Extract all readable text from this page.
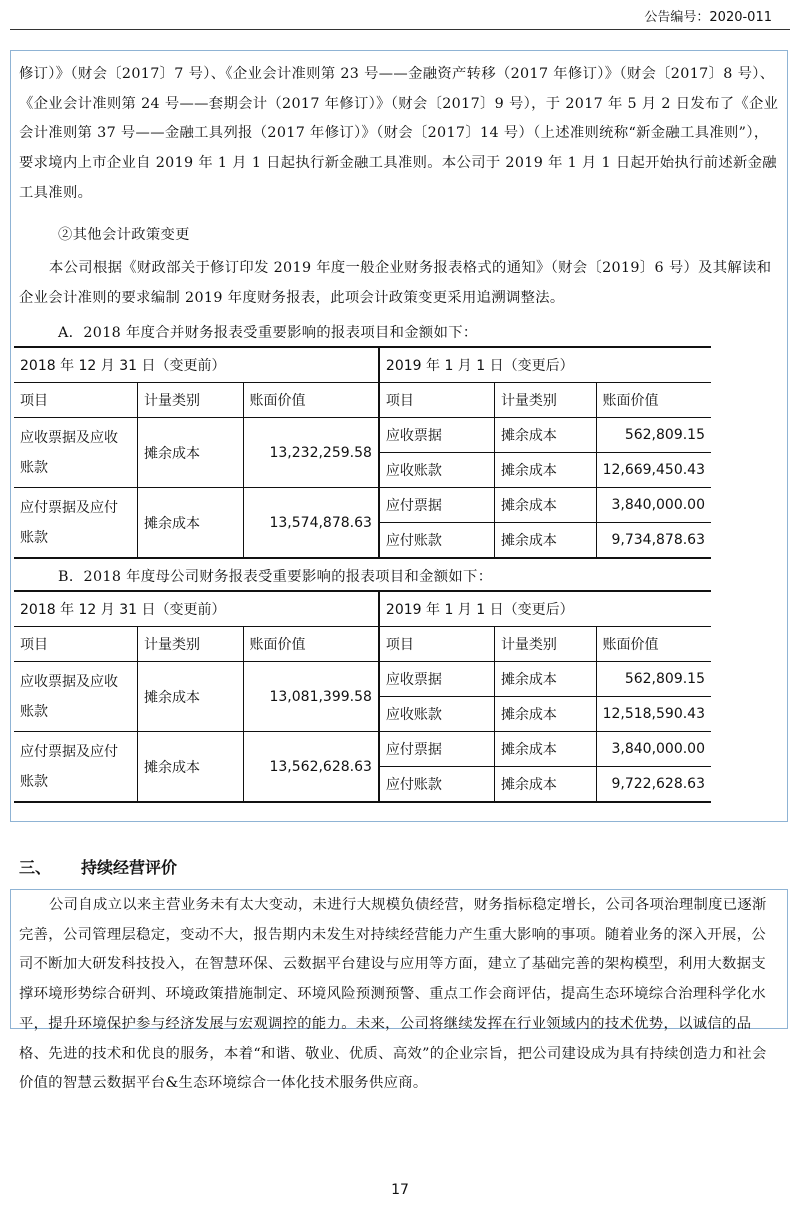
公告编号：2020-011
修订）》（财会〔2017〕7 号）、《企业会计准则第 23 号——金融资产转移（2017 年修订）》（财会〔2017〕8 号）、《企业会计准则第 24 号——套期会计（2017 年修订）》（财会〔2017〕9 号），于 2017 年 5 月 2 日发布了《企业会计准则第 37 号——金融工具列报（2017 年修订）》（财会〔2017〕14 号）（上述准则统称“新金融工具准则”），要求境内上市企业自 2019 年 1 月 1 日起执行新金融工具准则。本公司于 2019 年 1 月 1 日起开始执行前述新金融工具准则。
②其他会计政策变更
本公司根据《财政部关于修订印发 2019 年度一般企业财务报表格式的通知》（财会〔2019〕6 号）及其解读和企业会计准则的要求编制 2019 年度财务报表，此项会计政策变更采用追溯调整法。
A．2018 年度合并财务报表受重要影响的报表项目和金额如下：
2018 年 12 月 31 日（变更前）			2019 年 1 月 1 日（变更后）		
项目	计量类别	账面价值	项目	计量类别	账面价值
应收票据及应收账款	摊余成本	13,232,259.58	应收票据	摊余成本	562,809.15
			应收账款	摊余成本	12,669,450.43
应付票据及应付账款	摊余成本	13,574,878.63	应付票据	摊余成本	3,840,000.00
			应付账款	摊余成本	9,734,878.63
B．2018 年度母公司财务报表受重要影响的报表项目和金额如下：
2018 年 12 月 31 日（变更前）			2019 年 1 月 1 日（变更后）		
项目	计量类别	账面价值	项目	计量类别	账面价值
应收票据及应收账款	摊余成本	13,081,399.58	应收票据	摊余成本	562,809.15
			应收账款	摊余成本	12,518,590.43
应付票据及应付账款	摊余成本	13,562,628.63	应付票据	摊余成本	3,840,000.00
			应付账款	摊余成本	9,722,628.63
三、 持续经营评价
公司自成立以来主营业务未有太大变动，未进行大规模负债经营，财务指标稳定增长，公司各项治理制度已逐渐完善，公司管理层稳定，变动不大，报告期内未发生对持续经营能力产生重大影响的事项。随着业务的深入开展，公司不断加大研发科技投入，在智慧环保、云数据平台建设与应用等方面，建立了基础完善的架构模型，利用大数据支撑环境形势综合研判、环境政策措施制定、环境风险预测预警、重点工作会商评估，提高生态环境综合治理科学化水平，提升环境保护参与经济发展与宏观调控的能力。未来，公司将继续发挥在行业领域内的技术优势，以诚信的品格、先进的技术和优良的服务，本着“和谐、敬业、优质、高效”的企业宗旨，把公司建设成为具有持续创造力和社会价值的智慧云数据平台&生态环境综合一体化技术服务供应商。
17
